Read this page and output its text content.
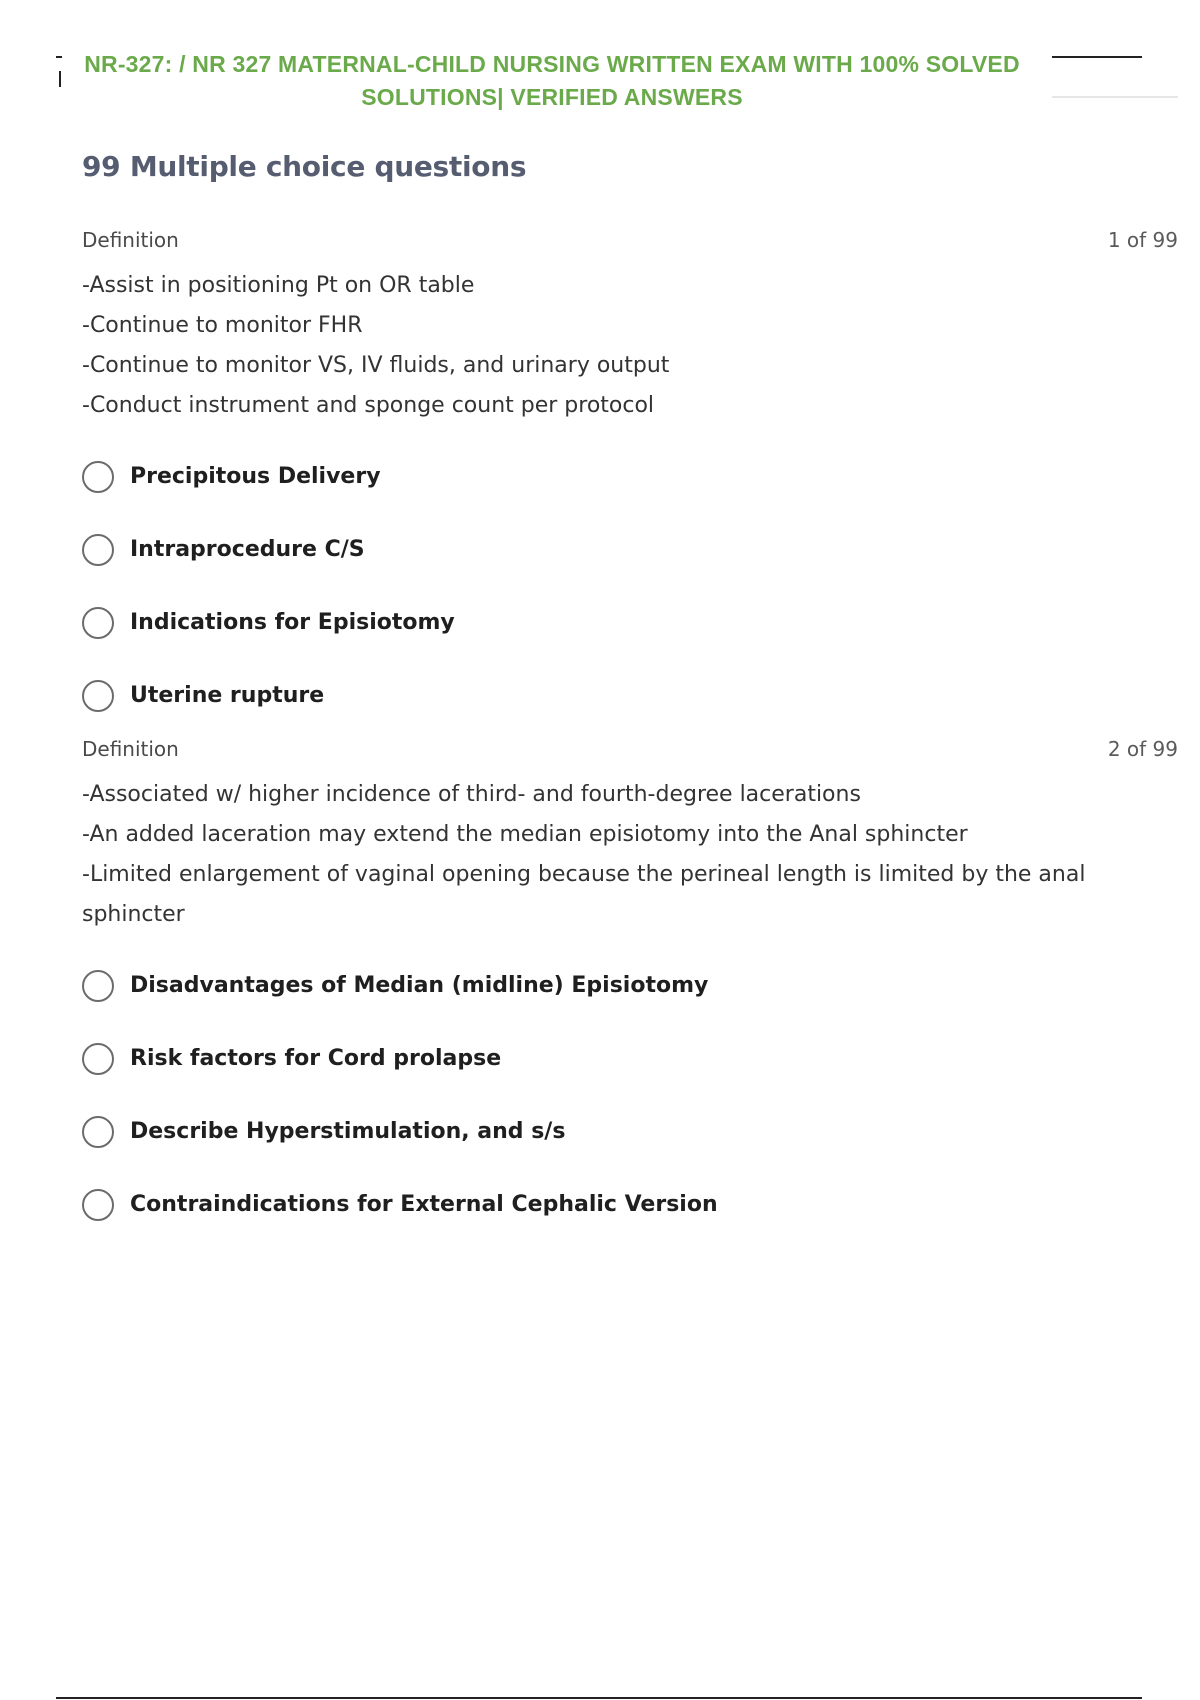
NR-327: / NR 327 MATERNAL-CHILD NURSING WRITTEN EXAM WITH 100% SOLVED
SOLUTIONS| VERIFIED ANSWERS
99 Multiple choice questions
Definition	1 of 99

-Assist in positioning Pt on OR table

-Continue to monitor FHR

-Continue to monitor VS, IV fluids, and urinary output

-Conduct instrument and sponge count per protocol

Precipitous Delivery
Intraprocedure C/S
Indications for Episiotomy
Uterine rupture
Definition	2 of 99

-Associated w/ higher incidence of third- and fourth-degree lacerations

-An added laceration may extend the median episiotomy into the Anal sphincter

-Limited enlargement of vaginal opening because the perineal length is limited by the anal sphincter

Disadvantages of Median (midline) Episiotomy
Risk factors for Cord prolapse
Describe Hyperstimulation, and s/s
Contraindications for External Cephalic Version
